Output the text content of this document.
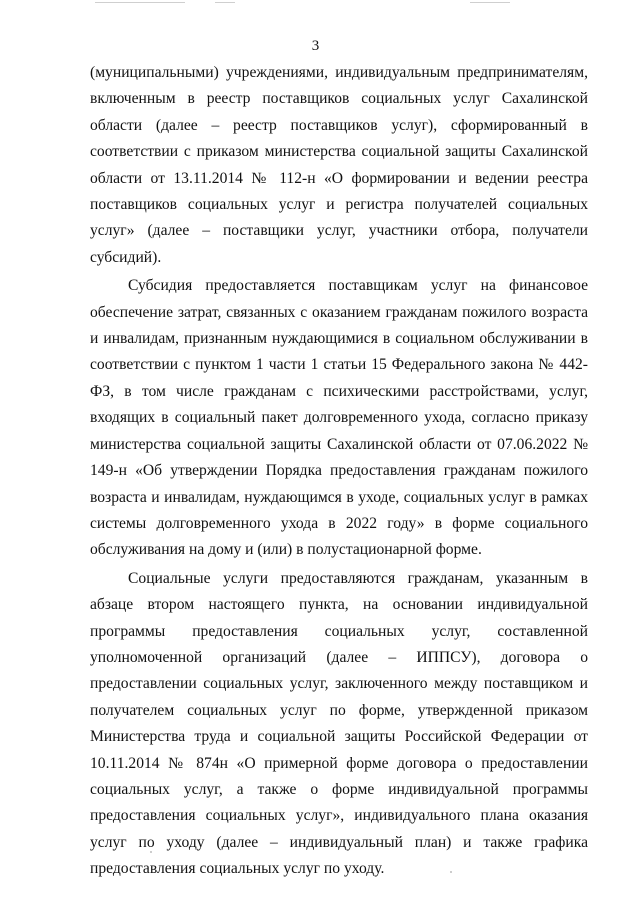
3

(муниципальными) учреждениями, индивидуальным предпринимателям, включенным в реестр поставщиков социальных услуг Сахалинской области (далее – реестр поставщиков услуг), сформированный в соответствии с приказом министерства социальной защиты Сахалинской области от 13.11.2014 № 112-н «О формировании и ведении реестра поставщиков социальных услуг и регистра получателей социальных услуг» (далее – поставщики услуг, участники отбора, получатели субсидий).

Субсидия предоставляется поставщикам услуг на финансовое обеспечение затрат, связанных с оказанием гражданам пожилого возраста и инвалидам, признанным нуждающимися в социальном обслуживании в соответствии с пунктом 1 части 1 статьи 15 Федерального закона № 442-ФЗ, в том числе гражданам с психическими расстройствами, услуг, входящих в социальный пакет долговременного ухода, согласно приказу министерства социальной защиты Сахалинской области от 07.06.2022 № 149-н «Об утверждении Порядка предоставления гражданам пожилого возраста и инвалидам, нуждающимся в уходе, социальных услуг в рамках системы долговременного ухода в 2022 году» в форме социального обслуживания на дому и (или) в полустационарной форме.

Социальные услуги предоставляются гражданам, указанным в абзаце втором настоящего пункта, на основании индивидуальной программы предоставления социальных услуг, составленной уполномоченной организаций (далее – ИППСУ), договора о предоставлении социальных услуг, заключенного между поставщиком и получателем социальных услуг по форме, утвержденной приказом Министерства труда и социальной защиты Российской Федерации от 10.11.2014 № 874н «О примерной форме договора о предоставлении социальных услуг, а также о форме индивидуальной программы предоставления социальных услуг», индивидуального плана оказания услуг по уходу (далее – индивидуальный план) и также графика предоставления социальных услуг по уходу.
